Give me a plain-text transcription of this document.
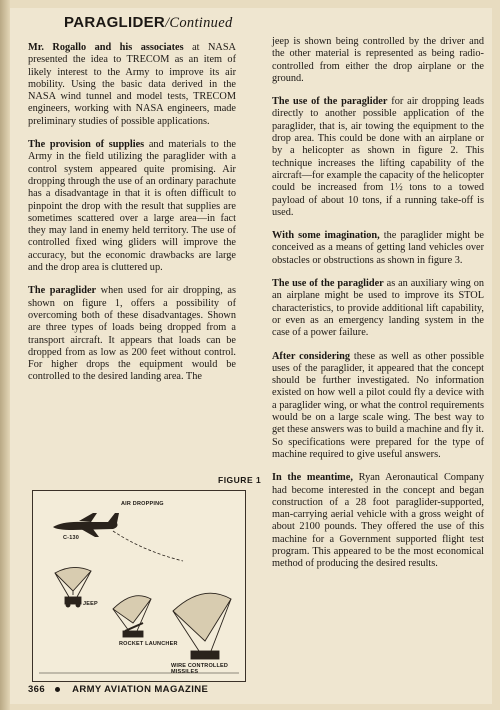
PARAGLIDER/Continued

Mr. Rogallo and his associates at NASA presented the idea to TRECOM as an item of likely interest to the Army to improve its air mobility. Using the basic data derived in the NASA wind tunnel and model tests, TRECOM engineers, working with NASA engineers, made preliminary studies of possible applications.

The provision of supplies and materials to the Army in the field utilizing the paraglider with a control system appeared quite promising. Air dropping through the use of an ordinary parachute has a disadvantage in that it is often difficult to pinpoint the drop with the result that supplies are sometimes scattered over a large area—in fact they may land in enemy held territory. The use of controlled fixed wing gliders will improve the accuracy, but the economic drawbacks are large and the drop area is cluttered up.

The paraglider when used for air dropping, as shown on figure 1, offers a possibility of overcoming both of these disadvantages. Shown are three types of loads being dropped from a transport aircraft. It appears that loads can be dropped from as low as 200 feet without control. For higher drops the equipment would be controlled to the desired landing area. The

jeep is shown being controlled by the driver and the other material is represented as being radio-controlled from either the drop airplane or the ground.

The use of the paraglider for air dropping leads directly to another possible application of the paraglider, that is, air towing the equipment to the drop area. This could be done with an airplane or by a helicopter as shown in figure 2. This technique increases the lifting capability of the aircraft—for example the capacity of the helicopter could be increased from 1½ tons to a towed payload of about 10 tons, if a running take-off is used.

With some imagination, the paraglider might be conceived as a means of getting land vehicles over obstacles or obstructions as shown in figure 3.

The use of the paraglider as an auxiliary wing on an airplane might be used to improve its STOL characteristics, to provide additional lift capability, or even as an emergency landing system in the case of a power failure.

After considering these as well as other possible uses of the paraglider, it appeared that the concept should be further investigated. No information existed on how well a pilot could fly a device with a paraglider wing, or what the control requirements would be on a large scale wing. The best way to get these answers was to build a machine and fly it. So specifications were prepared for the type of machine required to give useful answers.

In the meantime, Ryan Aeronautical Company had become interested in the concept and began construction of a 28 foot paraglider-supported, man-carrying aerial vehicle with a gross weight of about 2100 pounds. They offered the use of this machine for a Government supported flight test program. This appeared to be the most economical method of producing the desired results.

FIGURE 1
AIR DROPPING
C-130
JEEP
ROCKET LAUNCHER
WIRE CONTROLLED MISSILES
366	ARMY AVIATION MAGAZINE
